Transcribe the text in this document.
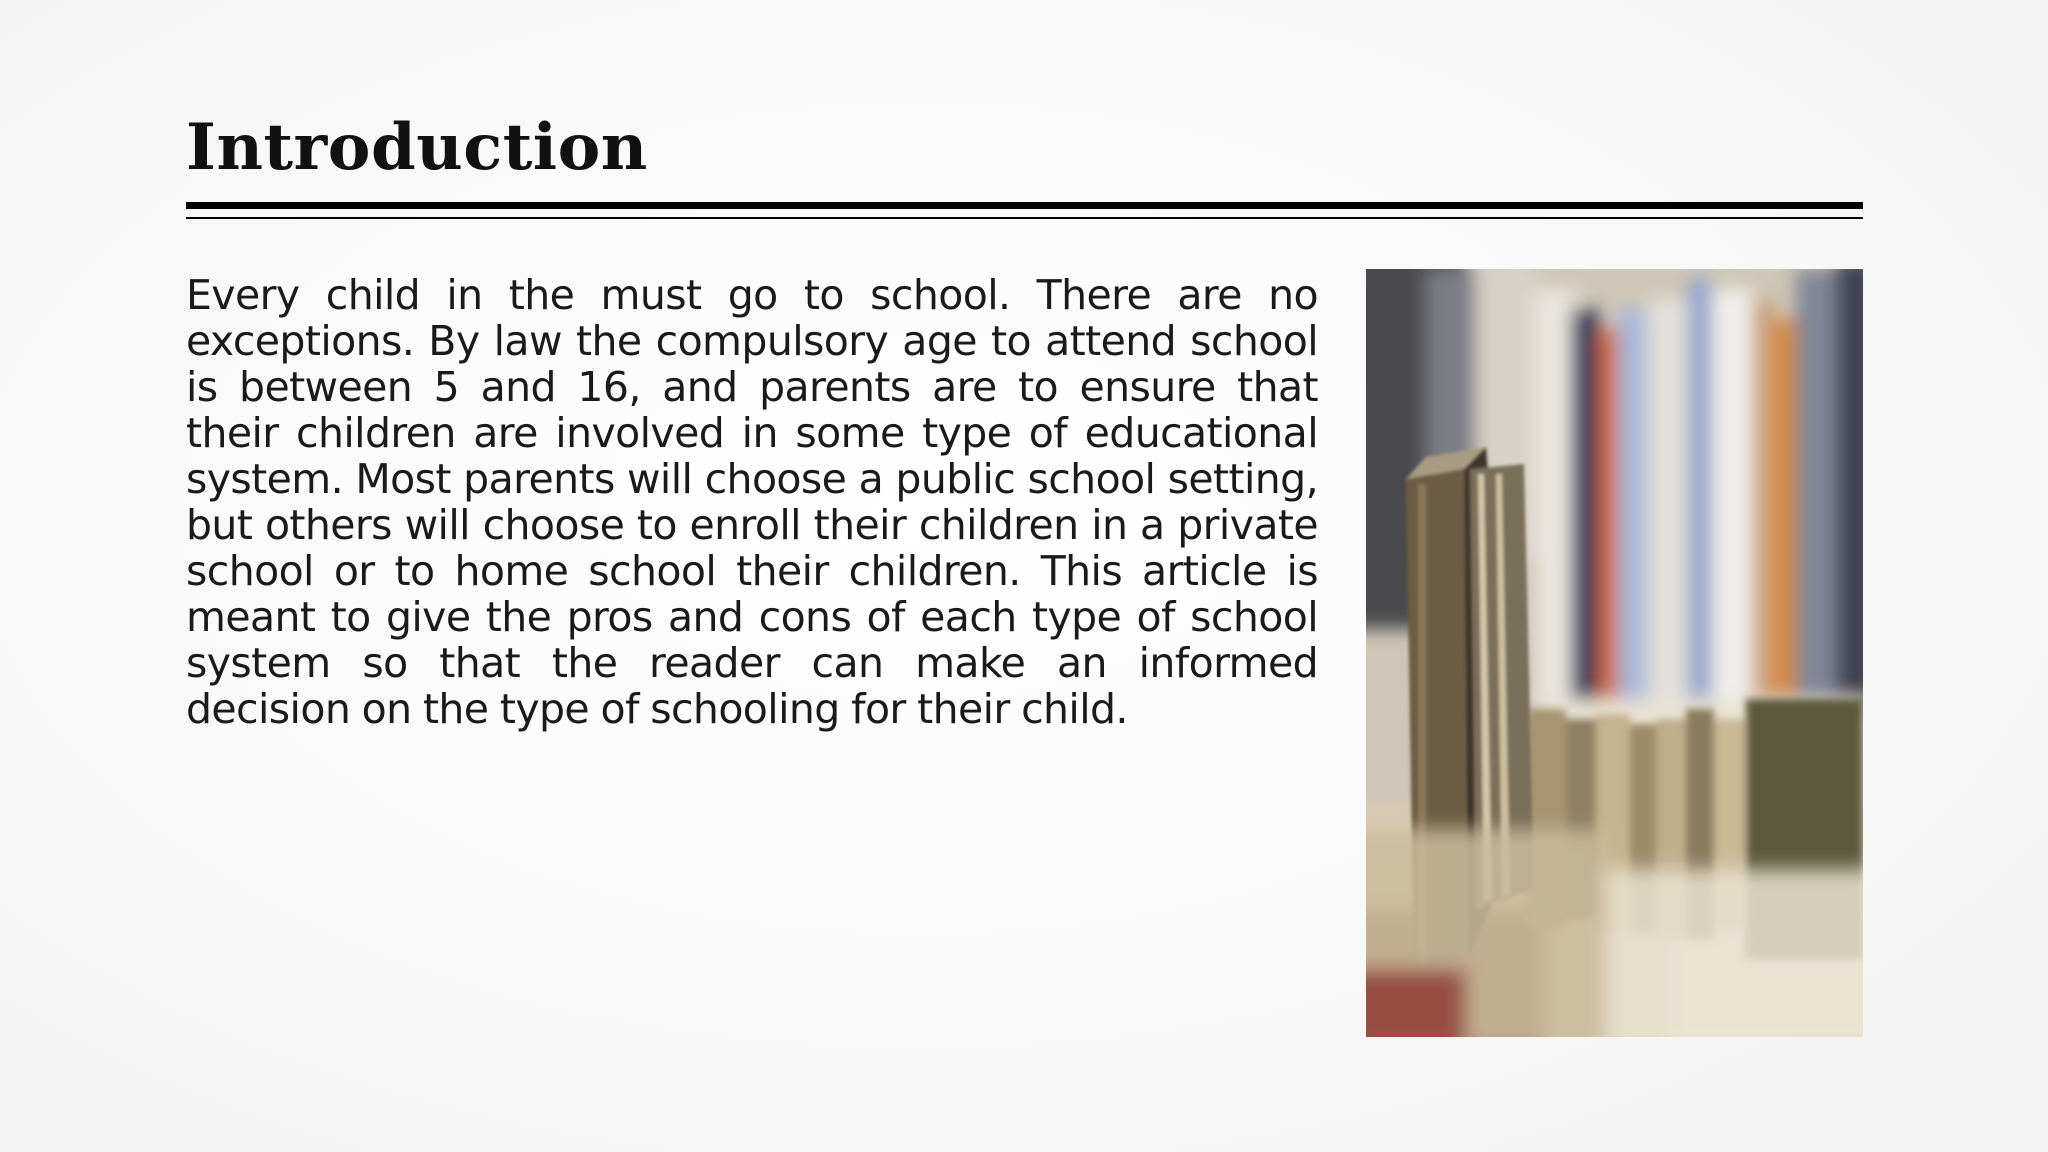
Introduction

Every child in the must go to school. There are no exceptions. By law the compulsory age to attend school is between 5 and 16, and parents are to ensure that their children are involved in some type of educational system. Most parents will choose a public school setting, but others will choose to enroll their children in a private school or to home school their children. This article is meant to give the pros and cons of each type of school system so that the reader can make an informed decision on the type of schooling for their child.
